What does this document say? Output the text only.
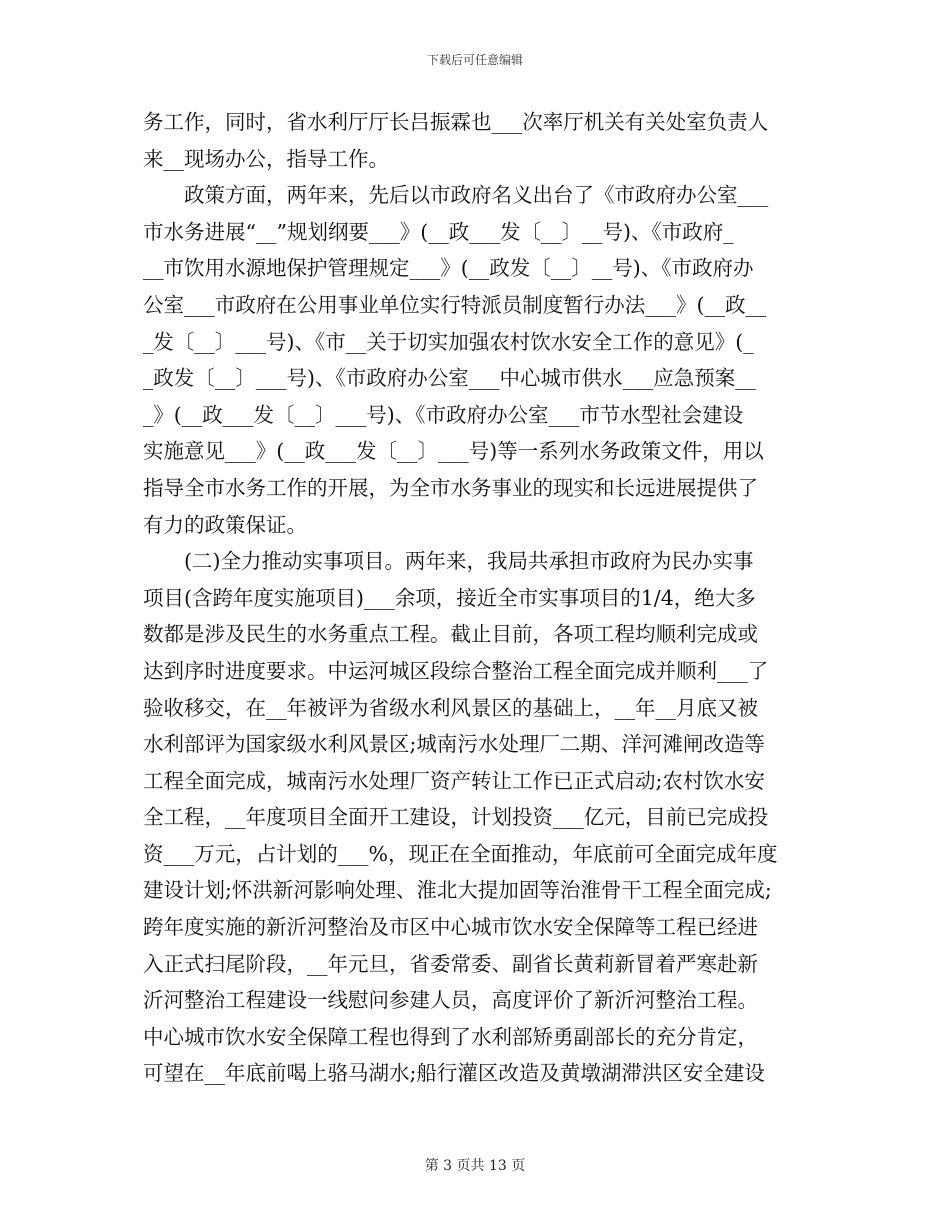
下载后可任意编辑
务工作，同时，省水利厅厅长吕振霖也___次率厅机关有关处室负责人
来__现场办公，指导工作。
　　政策方面，两年来，先后以市政府名义出台了《市政府办公室___
市水务进展“__”规划纲要___》(__政___发〔__〕__号)、《市政府_
__市饮用水源地保护管理规定___》(__政发〔__〕__号)、《市政府办
公室___市政府在公用事业单位实行特派员制度暂行办法___》(__政__
_发〔__〕___号)、《市__关于切实加强农村饮水安全工作的意见》(_
_政发〔__〕___号)、《市政府办公室___中心城市供水___应急预案__
_》(__政___发〔__〕___号)、《市政府办公室___市节水型社会建设
实施意见___》(__政___发〔__〕___号)等一系列水务政策文件，用以
指导全市水务工作的开展，为全市水务事业的现实和长远进展提供了
有力的政策保证。
　　(二)全力推动实事项目。两年来，我局共承担市政府为民办实事
项目(含跨年度实施项目)___余项，接近全市实事项目的1/4，绝大多
数都是涉及民生的水务重点工程。截止目前，各项工程均顺利完成或
达到序时进度要求。中运河城区段综合整治工程全面完成并顺利___了
验收移交，在__年被评为省级水利风景区的基础上，__年__月底又被
水利部评为国家级水利风景区;城南污水处理厂二期、洋河滩闸改造等
工程全面完成，城南污水处理厂资产转让工作已正式启动;农村饮水安
全工程，__年度项目全面开工建设，计划投资___亿元，目前已完成投
资___万元，占计划的___%，现正在全面推动，年底前可全面完成年度
建设计划;怀洪新河影响处理、淮北大提加固等治淮骨干工程全面完成;
跨年度实施的新沂河整治及市区中心城市饮水安全保障等工程已经进
入正式扫尾阶段，__年元旦，省委常委、副省长黄莉新冒着严寒赴新
沂河整治工程建设一线慰问参建人员，高度评价了新沂河整治工程。
中心城市饮水安全保障工程也得到了水利部矫勇副部长的充分肯定，
可望在__年底前喝上骆马湖水;船行灌区改造及黄墩湖滞洪区安全建设
第 3 页共 13 页
